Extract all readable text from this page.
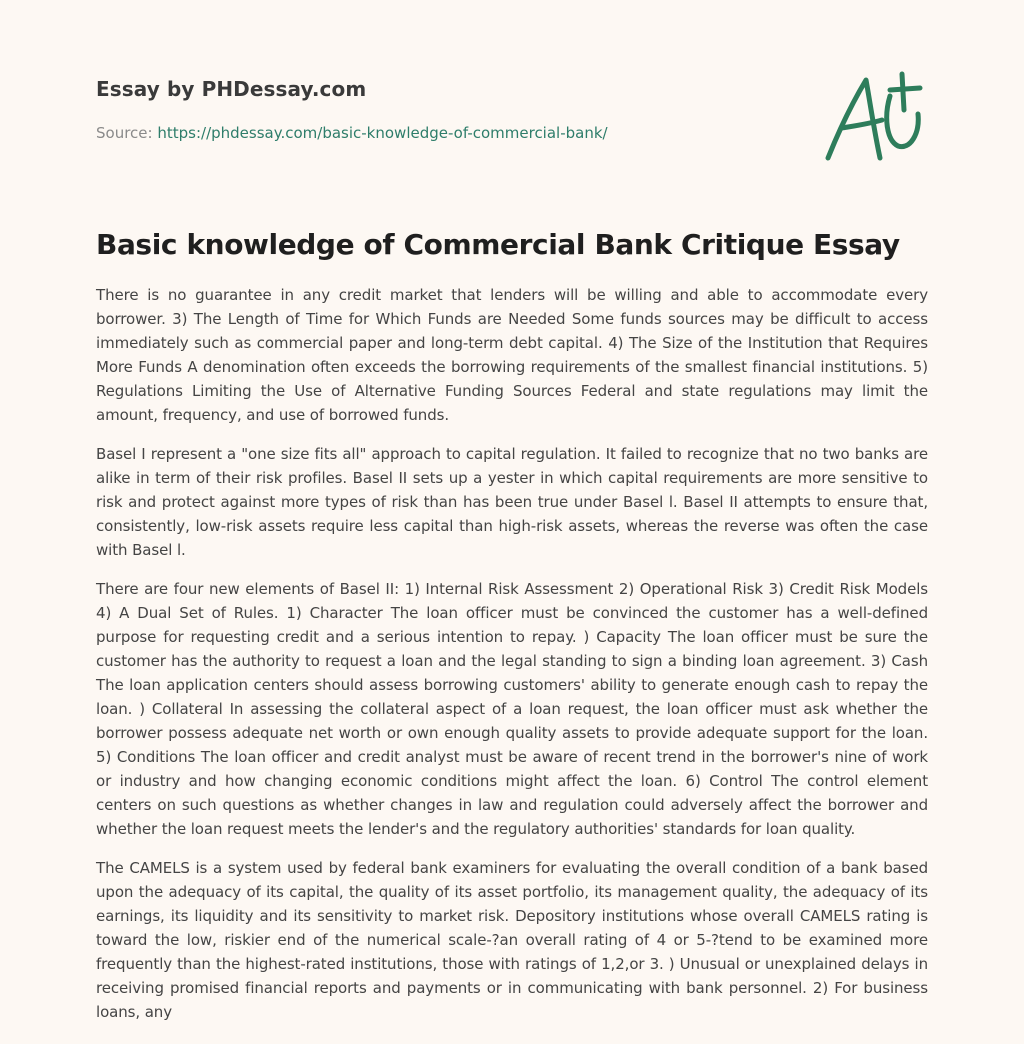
Essay by PHDessay.com
Source: https://phdessay.com/basic-knowledge-of-commercial-bank/
Basic knowledge of Commercial Bank Critique Essay

There is no guarantee in any credit market that lenders will be willing and able to accommodate every borrower. 3) The Length of Time for Which Funds are Needed Some funds sources may be difficult to access immediately such as commercial paper and long-term debt capital. 4) The Size of the Institution that Requires More Funds A denomination often exceeds the borrowing requirements of the smallest financial institutions. 5) Regulations Limiting the Use of Alternative Funding Sources Federal and state regulations may limit the amount, frequency, and use of borrowed funds.

Basel I represent a "one size fits all" approach to capital regulation. It failed to recognize that no two banks are alike in term of their risk profiles. Basel II sets up a yester in which capital requirements are more sensitive to risk and protect against more types of risk than has been true under Basel l. Basel II attempts to ensure that, consistently, low-risk assets require less capital than high-risk assets, whereas the reverse was often the case with Basel l.

There are four new elements of Basel II: 1) Internal Risk Assessment 2) Operational Risk 3) Credit Risk Models 4) A Dual Set of Rules. 1) Character The loan officer must be convinced the customer has a well-defined purpose for requesting credit and a serious intention to repay. ) Capacity The loan officer must be sure the customer has the authority to request a loan and the legal standing to sign a binding loan agreement. 3) Cash The loan application centers should assess borrowing customers' ability to generate enough cash to repay the loan. ) Collateral In assessing the collateral aspect of a loan request, the loan officer must ask whether the borrower possess adequate net worth or own enough quality assets to provide adequate support for the loan. 5) Conditions The loan officer and credit analyst must be aware of recent trend in the borrower's nine of work or industry and how changing economic conditions might affect the loan. 6) Control The control element centers on such questions as whether changes in law and regulation could adversely affect the borrower and whether the loan request meets the lender's and the regulatory authorities' standards for loan quality.

The CAMELS is a system used by federal bank examiners for evaluating the overall condition of a bank based upon the adequacy of its capital, the quality of its asset portfolio, its management quality, the adequacy of its earnings, its liquidity and its sensitivity to market risk. Depository institutions whose overall CAMELS rating is toward the low, riskier end of the numerical scale-?an overall rating of 4 or 5-?tend to be examined more frequently than the highest-rated institutions, those with ratings of 1,2,or 3. ) Unusual or unexplained delays in receiving promised financial reports and payments or in communicating with bank personnel. 2) For business loans, any
